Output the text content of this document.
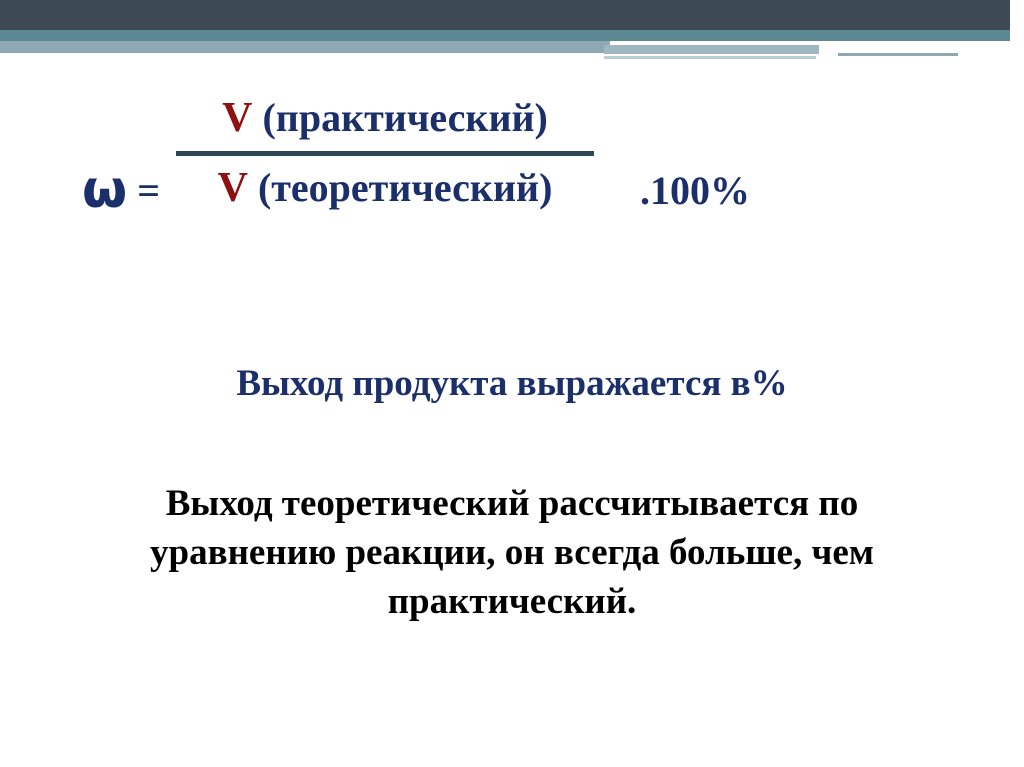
ω =
V (практический)
V (теоретический)	.100%
Выход продукта выражается в%
Выход теоретический рассчитывается по уравнению реакции, он всегда больше, чем практический.
